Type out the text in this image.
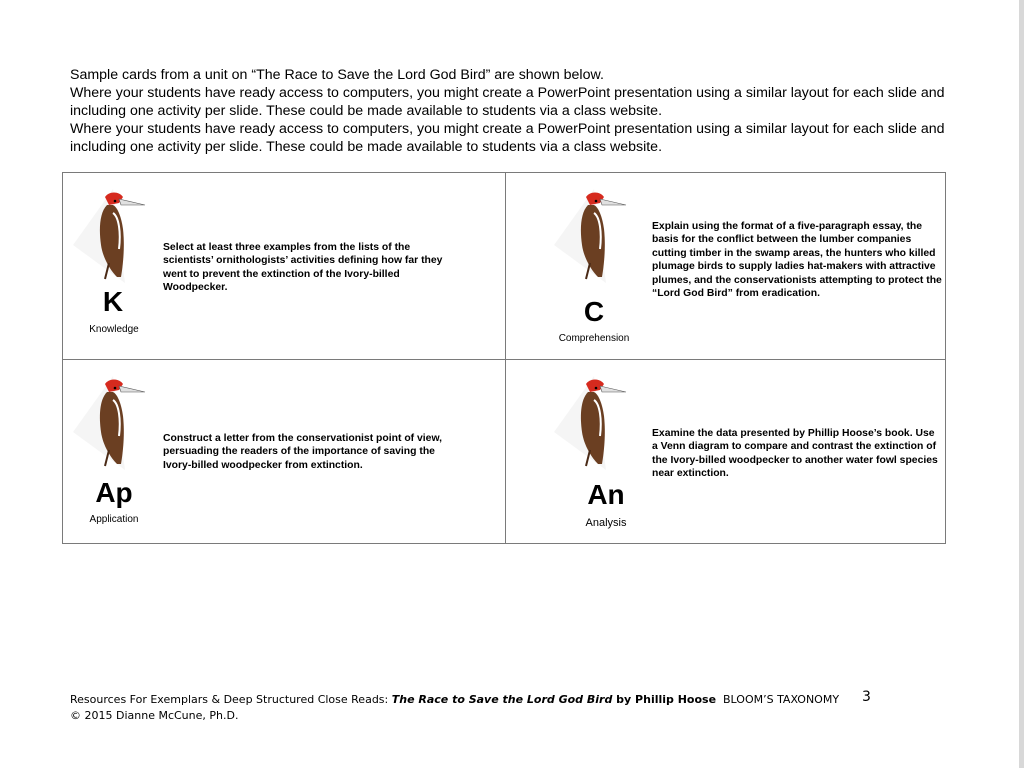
Sample cards from a unit on “The Race to Save the Lord God Bird” are shown below.

Where your students have ready access to computers, you might create a PowerPoint presentation using a similar layout for each slide and including one activity per slide. These could be made available to students via a class website.

Where your students have ready access to computers, you might create a PowerPoint presentation using a similar layout for each slide and including one activity per slide. These could be made available to students via a class website.

K
Knowledge
Select at least three examples from the lists of the scientists’ ornithologists’ activities defining how far they went to prevent the extinction of the Ivory-billed Woodpecker.
C
Comprehension
Explain using the format of a five-paragraph essay, the basis for the conflict between the lumber companies cutting timber in the swamp areas, the hunters who killed plumage birds to supply ladies hat-makers with attractive plumes, and the conservationists attempting to protect the “Lord God Bird” from eradication.
Ap
Application
Construct a letter from the conservationist point of view, persuading the readers of the importance of saving the Ivory-billed woodpecker from extinction.
An
Analysis
Examine the data presented by Phillip Hoose’s book. Use a Venn diagram to compare and contrast the extinction of the Ivory-billed woodpecker to another water fowl species near extinction.
Resources For Exemplars & Deep Structured Close Reads: The Race to Save the Lord God Bird by Phillip Hoose
© 2015 Dianne McCune, Ph.D.
BLOOM’S TAXONOMY 3
